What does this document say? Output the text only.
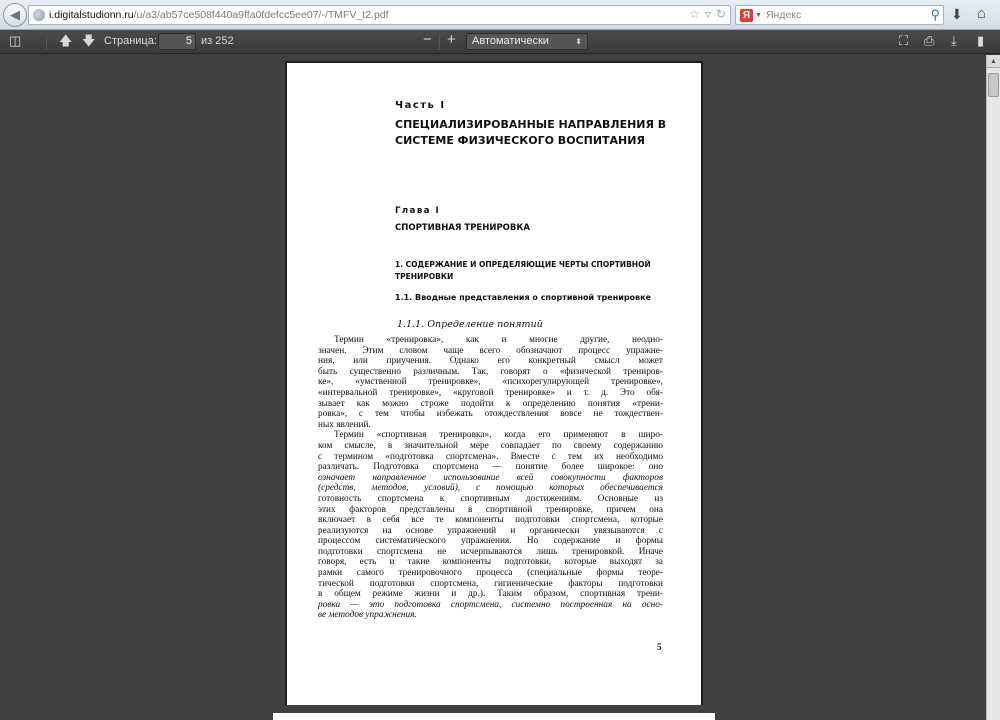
◀	i.digitalstudionn.ru /u/a3/ab57ce508f440a9ffa0fdefcc5ee07/-/TMFV_t2.pdf	☆ ▿ ↻ Я ▼ Яндекс	⚲ ⬇ ⌂
◫	🡅 🡇 Страница:	5 из 252	− +	Автоматически	⬍	⛶ ⎙ ⤓ ▮
Часть I
СПЕЦИАЛИЗИРОВАННЫЕ НАПРАВЛЕНИЯ В СИСТЕМЕ ФИЗИЧЕСКОГО ВОСПИТАНИЯ
Глава I
СПОРТИВНАЯ ТРЕНИРОВКА
1. СОДЕРЖАНИЕ И ОПРЕДЕЛЯЮЩИЕ ЧЕРТЫ СПОРТИВНОЙ ТРЕНИРОВКИ
1.1. Вводные представления о спортивной тренировке
1.1.1. Определение понятий
Термин «тренировка», как и многие другие, неодно-
значен. Этим словом чаще всего обозначают процесс упражне-
ния, или приучения. Однако его конкретный смысл может
быть существенно различным. Так, говорят о «физической трениров-
ке», «умственной тренировке», «психорегулирующей тренировке»,
«интервальной тренировке», «круговой тренировке» и т. д. Это обя-
зывает как можно строже подойти к определению понятия «трени-
ровка», с тем чтобы избежать отождествления вовсе не тождествен-
ных явлений.
Термин «спортивная тренировка», когда его применяют в широ-
ком смысле, в значительной мере совпадает по своему содержанию
с термином «подготовка спортсмена». Вместе с тем их необходимо
различать. Подготовка спортсмена — понятие более широкое: оно
означает направленное использование всей совокупности факторов
(средств, методов, условий), с помощью которых обеспечивается
готовность спортсмена к спортивным достижениям. Основные из
этих факторов представлены в спортивной тренировке, причем она
включает в себя все те компоненты подготовки спортсмена, которые
реализуются на основе упражнений и органически увязываются с
процессом систематического упражнения. Но содержание и формы
подготовки спортсмена не исчерпываются лишь тренировкой. Иначе
говоря, есть и такие компоненты подготовки, которые выходят за
рамки самого тренировочного процесса (специальные формы теоре-
тической подготовки спортсмена, гигиенические факторы подготовки
в общем режиме жизни и др.). Таким образом, спортивная трени-
ровка — это подготовка спортсмена, системно построенная на осно-
ве методов упражнения.
5
▲
